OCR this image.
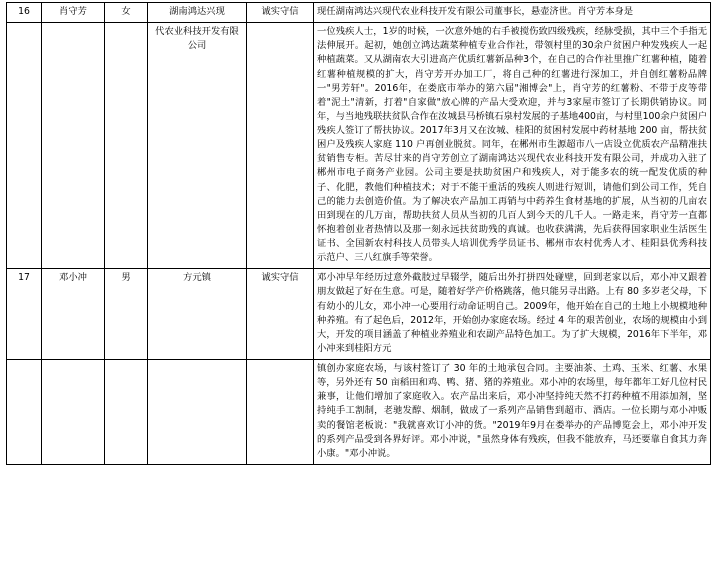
16	肖守芳	女	湖南鸿达兴现	诚实守信	现任湖南鸿达兴现代农业科技开发有限公司董事长，悬壶济世。肖守芳本身是
			代农业科技开发有限公司		一位残疾人士，1岁的时候，一次意外她的右手被搅伤致四级残疾，经脉受损，其中三个手指无法伸展开。起初，她创立鸿达蔬菜种植专业合作社，带领村里的30余户贫困户种发残疾人一起种植蔬菜。又从湖南农大引进高产优质红薯新品种3个，在自己的合作社里推广红薯种植，随着红薯种植规模的扩大，肖守芳开办加工厂，将自己种的红薯进行深加工，并自创红薯粉品牌一"男芳轩"。2016年，在娄底市举办的第六届"湘博会"上，肖守芳的红薯粉、不带于皮等带着"泥土"清新，打着"自家做"放心牌的产品大受欢迎，并与3家屋市签订了长期供销协议。同年，与当地残联扶贫队合作在汝城县马桥镇石泉村发展的子基地400亩，与村里100余户贫困户残疾人签订了帮扶协议。2017年3月又在汝城、桂阳的贫困村发展中药材基地 200 亩，帮扶贫困户及残疾人家庭 110 户再创业脱贫。同年，在郴州市生源超市八一店设立优质农产品精准扶贫销售专柜。苦尽甘来的肖守芳创立了湖南鸿达兴现代农业科技开发有限公司，并成功入驻了郴州市电子商务产业园。公司主要是扶助贫困户和残疾人，对于能多农的统一配发优质的种子、化肥，教他们种植技术；对于不能干重活的残疾人则进行短训，请他们到公司工作，凭自己的能力去创造价值。为了解决农产品加工再销与中药养生食材基地的扩展，从当初的几亩农田到现在的几万亩，帮助扶贫人员从当初的几百人到今天的几千人。一路走来，肖守芳一直都怀抱着创业者热情以及那一刻永远扶贫助残的真诚。也收获满满，先后获得国家职业生活医生证书、全国新农村科技人员带头人培训优秀学员证书、郴州市农村优秀人才、桂阳县优秀科技示范户、三八红旗手等荣誉。
17	邓小冲	男	方元镇	诚实守信	邓小冲早年经历过意外截肢过早辍学，随后出外打拼四处碰壁，回到老家以后，邓小冲又跟着朋友做起了好在生意。可是，随着好学产价格跳落，他只能另寻出路。上有 80 多岁老父母，下有幼小的儿女，邓小冲一心要用行动命证明自己。2009年，他开始在自己的土地上小规模地种种养殖。有了起色后，2012年，开始创办家庭农场。经过 4 年的艰苦创业，农场的规模由小到大，开发的项目涵盖了种植业养殖业和农副产品特色加工。为了扩大规模，2016年下半年，邓小冲来到桂阳方元
					镇创办家庭农场，与该村签订了 30 年的土地承包合同。主要油茶、土鸡、玉米、红薯、水果等，另外还有 50 亩稻田和鸡、鸭、猪、猪的养殖业。邓小冲的农场里，每年都年工好几位村民兼事，让他们增加了家庭收入。农产品出来后，邓小冲坚持纯天然不打药种植不用添加剂，坚持纯手工割制，老驰发醇、烟制，做成了一系列产品销售到超市、酒店。一位长期与邓小冲贩卖的餐馆老板说："我就喜欢订小冲的货。"2019年9月在娄举办的产品博览会上，邓小冲开发的系列产品受到各界好评。邓小冲说，"虽然身体有残疾，但我不能放弃，马还要靠自食其力奔小康。"邓小冲说。
